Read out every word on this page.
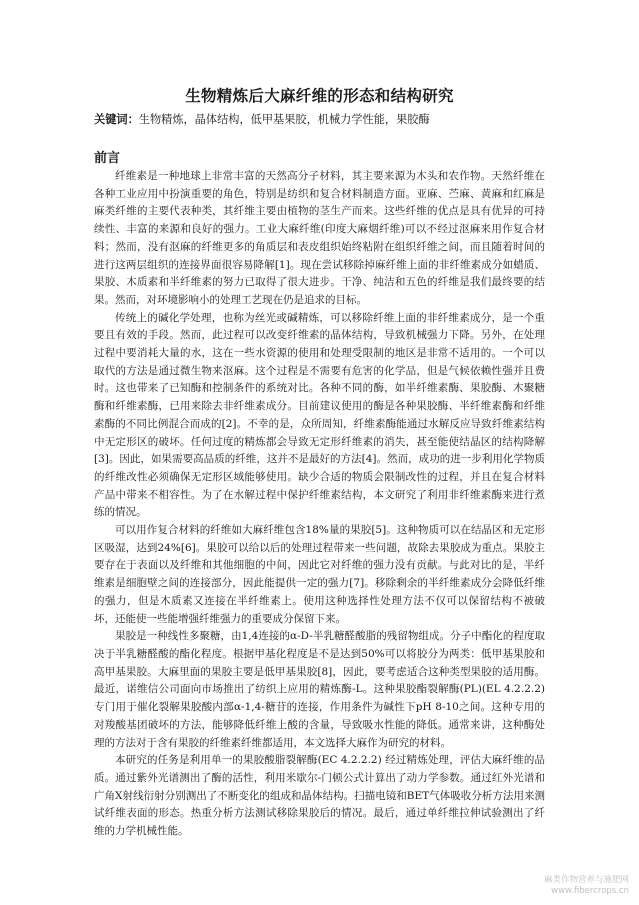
生物精炼后大麻纤维的形态和结构研究
关键词：生物精炼，晶体结构，低甲基果胶，机械力学性能，果胶酶
前言

纤维素是一种地球上非常丰富的天然高分子材料，其主要来源为木头和农作物。天然纤维在各种工业应用中扮演重要的角色，特别是纺织和复合材料制造方面。亚麻、苎麻、黄麻和红麻是麻类纤维的主要代表种类，其纤维主要由植物的茎生产而来。这些纤维的优点是具有优异的可持续性、丰富的来源和良好的强力。工业大麻纤维(印度大麻烟纤维)可以不经过沤麻来用作复合材料；然而，没有沤麻的纤维更多的角质层和表皮组织始终粘附在组织纤维之间，而且随着时间的进行这两层组织的连接界面很容易降解[1]。现在尝试移除掉麻纤维上面的非纤维素成分如蜡质、果胶、木质素和半纤维素的努力已取得了很大进步。干净、纯洁和五色的纤维是我们最终要的结果。然而，对环境影响小的处理工艺现在仍是追求的目标。

传统上的碱化学处理，也称为丝光或碱精炼，可以移除纤维上面的非纤维素成分，是一个重要且有效的手段。然而，此过程可以改变纤维素的晶体结构，导致机械强力下降。另外，在处理过程中要消耗大量的水，这在一些水资源的使用和处理受限制的地区是非常不适用的。一个可以取代的方法是通过微生物来沤麻。这个过程是不需要有危害的化学品，但是气候依赖性强并且费时。这也带来了已知酶和控制条件的系统对比。各种不同的酶，如半纤维素酶、果胶酶、木聚糖酶和纤维素酶，已用来除去非纤维素成分。目前建议使用的酶是各种果胶酶、半纤维素酶和纤维素酶的不同比例混合而成的[2]。不幸的是，众所周知，纤维素酶能通过水解反应导致纤维素结构中无定形区的破坏。任何过度的精炼都会导致无定形纤维素的消失，甚至能使结晶区的结构降解[3]。因此，如果需要高品质的纤维，这并不是最好的方法[4]。然而，成功的进一步利用化学物质的纤维改性必须确保无定形区域能够使用。缺少合适的物质会限制改性的过程，并且在复合材料产品中带来不相容性。为了在水解过程中保护纤维素结构，本文研究了利用非纤维素酶来进行煮练的情况。

可以用作复合材料的纤维如大麻纤维包含18%量的果胶[5]。这种物质可以在结晶区和无定形区吸湿，达到24%[6]。果胶可以给以后的处理过程带来一些问题，故除去果胶成为重点。果胶主要存在于表面以及纤维和其他细胞的中间，因此它对纤维的强力没有贡献。与此对比的是，半纤维素是细胞壁之间的连接部分，因此能提供一定的强力[7]。移除剩余的半纤维素成分会降低纤维的强力，但是木质素又连接在半纤维素上。使用这种选择性处理方法不仅可以保留结构不被破坏，还能使一些能增强纤维强力的重要成分保留下来。

果胶是一种线性多聚糖，由1,4连接的α-D-半乳糖醛酸脂的残留物组成。分子中酯化的程度取决于半乳糖醛酸的酯化程度。根据甲基化程度是不是达到50%可以将胶分为两类：低甲基果胶和高甲基果胶。大麻里面的果胶主要是低甲基果胶[8]，因此，要考虑适合这种类型果胶的适用酶。最近，诺维信公司面向市场推出了纺织上应用的精炼酶-L。这种果胶酯裂解酶(PL)(EL 4.2.2.2)专门用于催化裂解果胶酸内部α-1,4-糖苷的连接，作用条件为碱性下pH 8-10之间。这种专用的对羧酸基团破坏的方法，能够降低纤维上酸的含量，导致吸水性能的降低。通常来讲，这种酶处理的方法对于含有果胶的纤维素纤维都适用，本文选择大麻作为研究的材料。

本研究的任务是利用单一的果胶酸脂裂解酶(EC 4.2.2.2) 经过精炼处理，评估大麻纤维的品质。通过紫外光谱测出了酶的活性，利用米歇尔-门顿公式计算出了动力学参数。通过红外光谱和广角X射线衍射分别测出了不断变化的组成和晶体结构。扫描电镜和BET气体吸收分析方法用来测试纤维表面的形态。热重分析方法测试移除果胶后的情况。最后，通过单纤维拉伸试验测出了纤维的力学机械性能。

麻类作物营养与施肥网
www.fibercrops.cn
